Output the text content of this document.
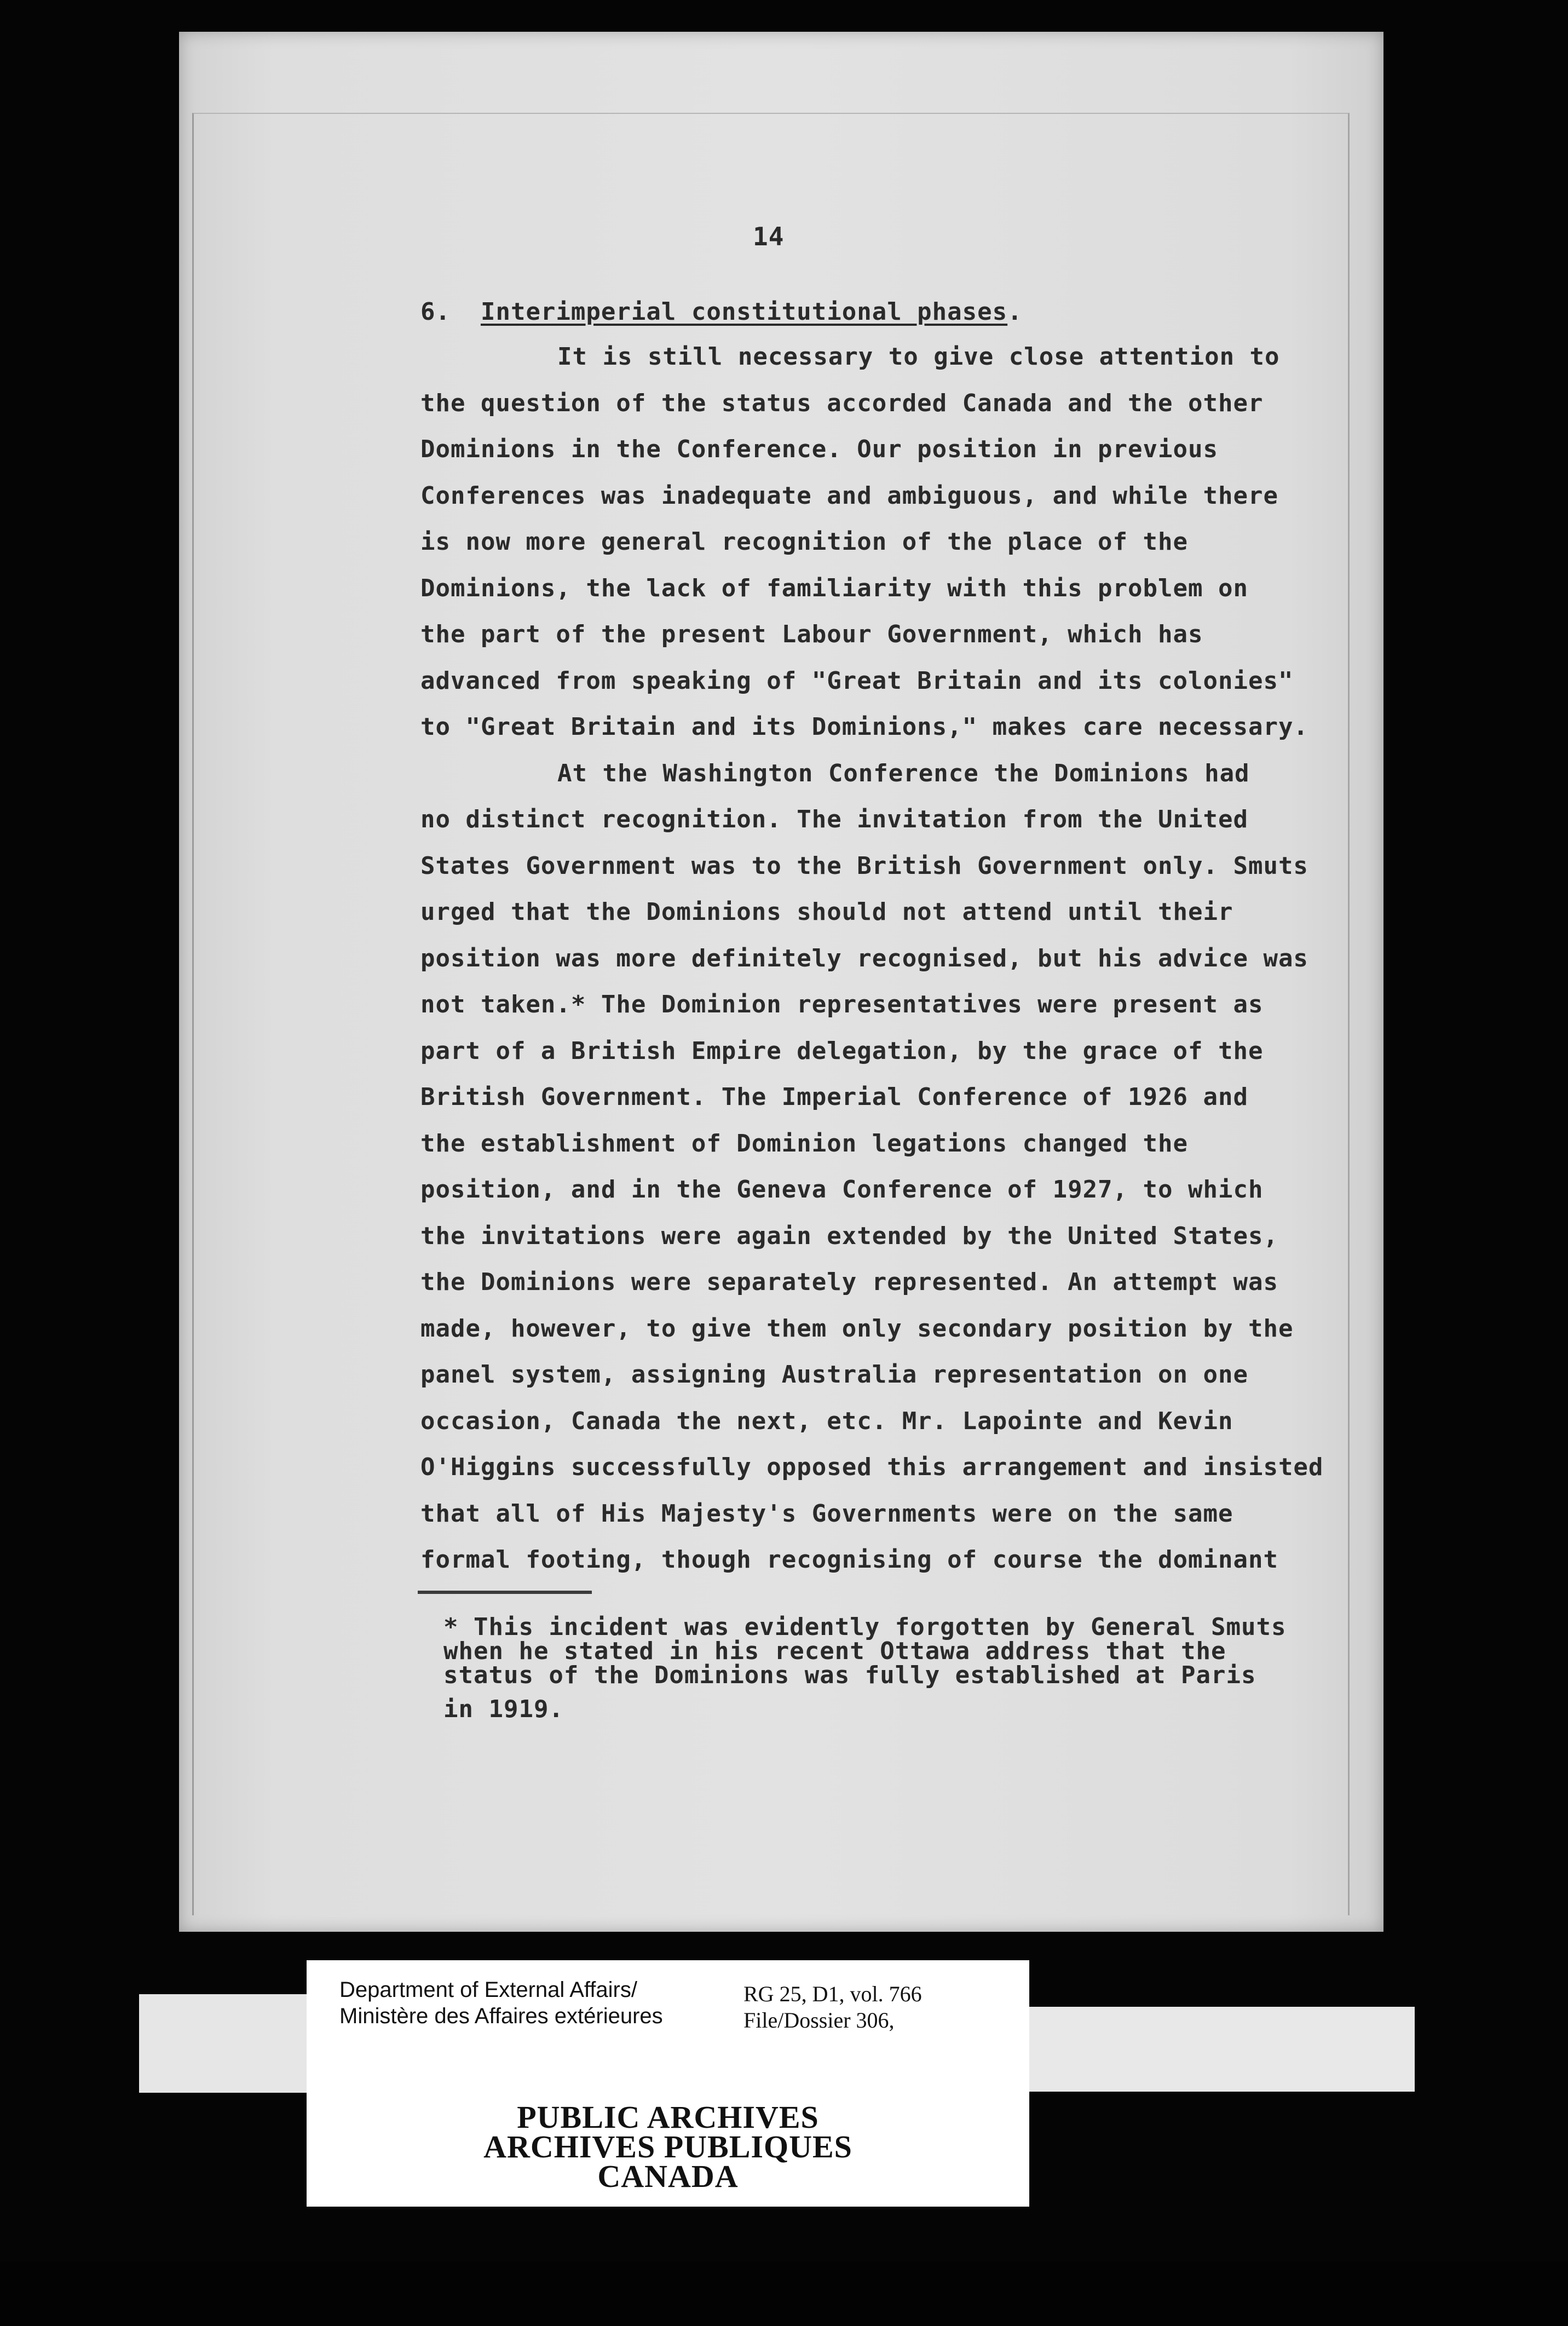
14
6. Interimperial constitutional phases.
It is still necessary to give close attention to
the question of the status accorded Canada and the other
Dominions in the Conference. Our position in previous
Conferences was inadequate and ambiguous, and while there
is now more general recognition of the place of the
Dominions, the lack of familiarity with this problem on
the part of the present Labour Government, which has
advanced from speaking of "Great Britain and its colonies"
to "Great Britain and its Dominions," makes care necessary.
At the Washington Conference the Dominions had
no distinct recognition. The invitation from the United
States Government was to the British Government only. Smuts
urged that the Dominions should not attend until their
position was more definitely recognised, but his advice was
not taken.* The Dominion representatives were present as
part of a British Empire delegation, by the grace of the
British Government. The Imperial Conference of 1926 and
the establishment of Dominion legations changed the
position, and in the Geneva Conference of 1927, to which
the invitations were again extended by the United States,
the Dominions were separately represented. An attempt was
made, however, to give them only secondary position by the
panel system, assigning Australia representation on one
occasion, Canada the next, etc. Mr. Lapointe and Kevin
O'Higgins successfully opposed this arrangement and insisted
that all of His Majesty's Governments were on the same
formal footing, though recognising of course the dominant
* This incident was evidently forgotten by General Smuts
when he stated in his recent Ottawa address that the
status of the Dominions was fully established at Paris
in 1919.
Department of External Affairs/
Ministère des Affaires extérieures
RG 25, D1, vol. 766
File/Dossier 306,
PUBLIC ARCHIVES
ARCHIVES PUBLIQUES
CANADA
